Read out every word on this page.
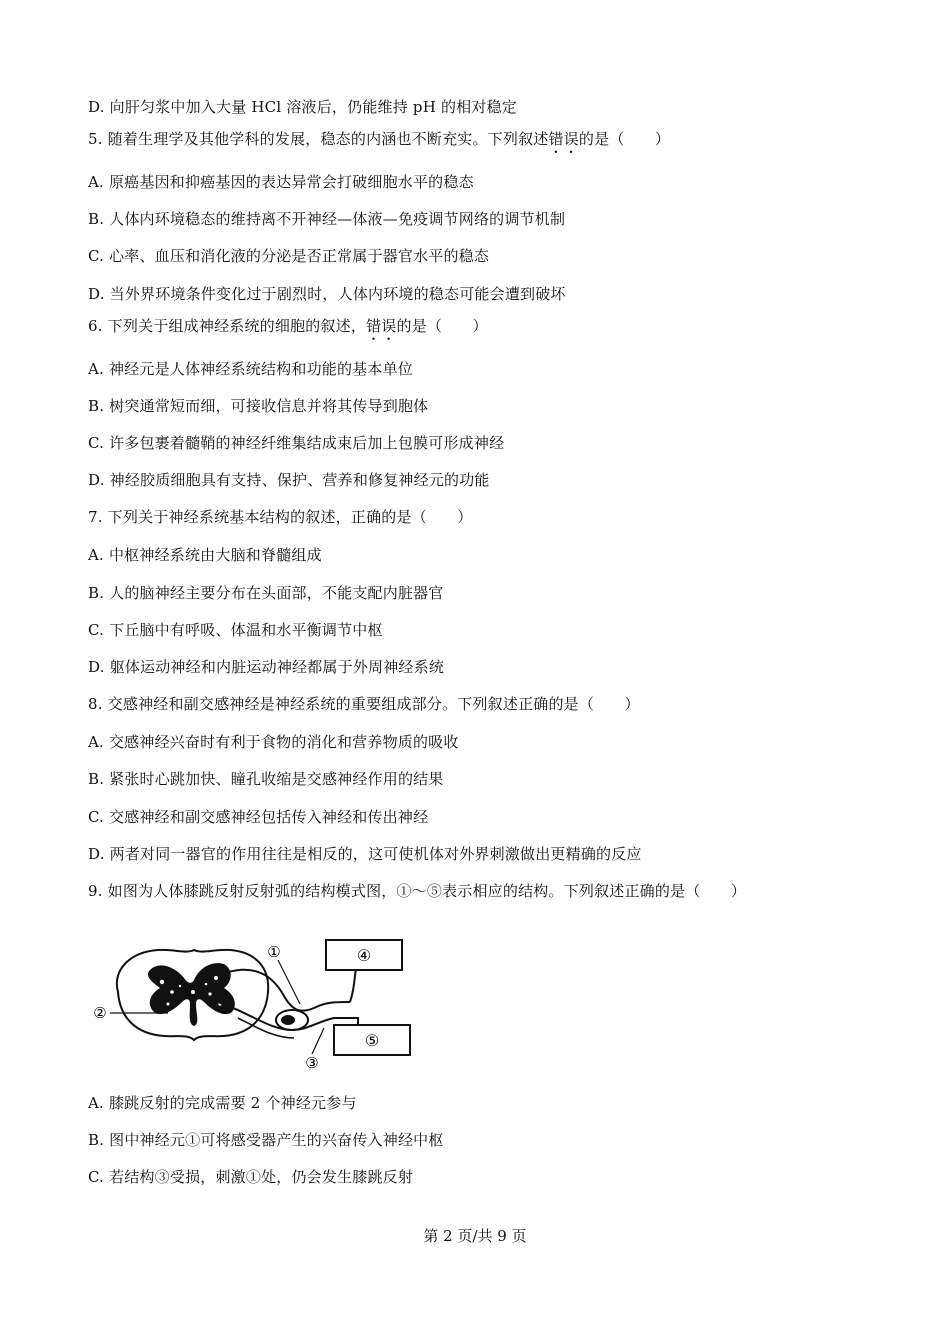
D. 向肝匀浆中加入大量 HCl 溶液后，仍能维持 pH 的相对稳定
5. 随着生理学及其他学科的发展，稳态的内涵也不断充实。下列叙述错误的是（　　）
A. 原癌基因和抑癌基因的表达异常会打破细胞水平的稳态
B. 人体内环境稳态的维持离不开神经—体液—免疫调节网络的调节机制
C. 心率、血压和消化液的分泌是否正常属于器官水平的稳态
D. 当外界环境条件变化过于剧烈时，人体内环境的稳态可能会遭到破坏
6. 下列关于组成神经系统的细胞的叙述，错误的是（　　）
A. 神经元是人体神经系统结构和功能的基本单位
B. 树突通常短而细，可接收信息并将其传导到胞体
C. 许多包裹着髓鞘的神经纤维集结成束后加上包膜可形成神经
D. 神经胶质细胞具有支持、保护、营养和修复神经元的功能
7. 下列关于神经系统基本结构的叙述，正确的是（　　）
A. 中枢神经系统由大脑和脊髓组成
B. 人的脑神经主要分布在头面部，不能支配内脏器官
C. 下丘脑中有呼吸、体温和水平衡调节中枢
D. 躯体运动神经和内脏运动神经都属于外周神经系统
8. 交感神经和副交感神经是神经系统的重要组成部分。下列叙述正确的是（　　）
A. 交感神经兴奋时有利于食物的消化和营养物质的吸收
B. 紧张时心跳加快、瞳孔收缩是交感神经作用的结果
C. 交感神经和副交感神经包括传入神经和传出神经
D. 两者对同一器官的作用往往是相反的，这可使机体对外界刺激做出更精确的反应
9. 如图为人体膝跳反射反射弧的结构模式图，①～⑤表示相应的结构。下列叙述正确的是（　　）
④
⑤
①
②
③
A. 膝跳反射的完成需要 2 个神经元参与
B. 图中神经元①可将感受器产生的兴奋传入神经中枢
C. 若结构③受损，刺激①处，仍会发生膝跳反射
第 2 页/共 9 页
